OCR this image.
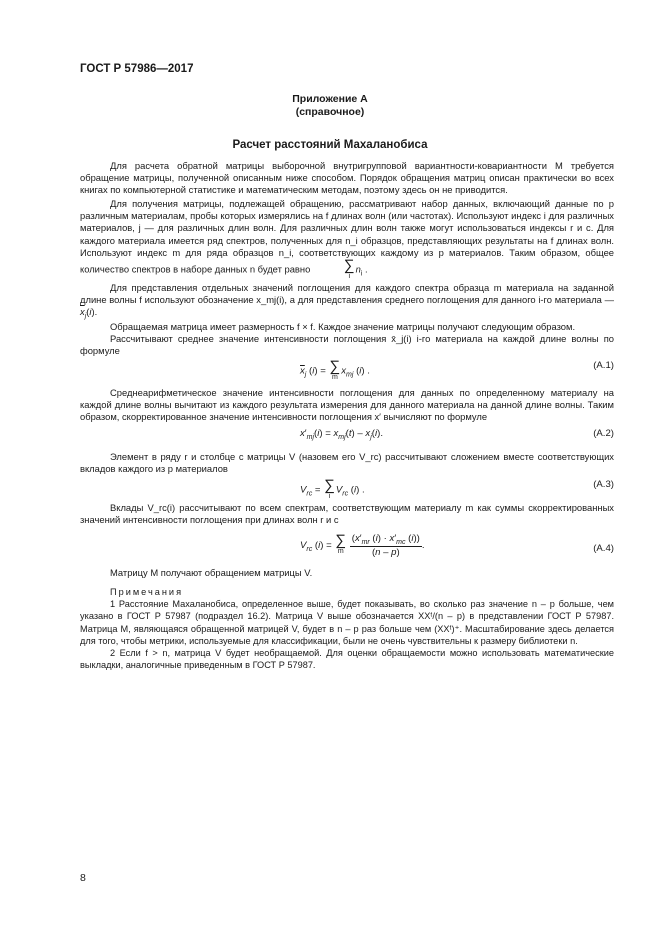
ГОСТ Р 57986—2017
Приложение А
(справочное)
Расчет расстояний Махаланобиса

Для расчета обратной матрицы выборочной внутригрупповой вариантности-ковариантности M требуется обращение матрицы, полученной описанным ниже способом. Порядок обращения матриц описан практически во всех книгах по компьютерной статистике и математическим методам, поэтому здесь он не приводится.

Для получения матрицы, подлежащей обращению, рассматривают набор данных, включающий данные по p различным материалам, пробы которых измерялись на f длинах волн (или частотах). Используют индекс i для различных материалов, j — для различных длин волн. Для различных длин волн также могут использоваться индексы r и c. Для каждого материала имеется ряд спектров, полученных для n_i образцов, представляющих результаты на f длинах волн. Используют индекс m для ряда образцов n_i, соответствующих каждому из p материалов. Таким образом, общее количество спектров в наборе данных n будет равно	∑
i
$n_i$ .

Для представления отдельных значений поглощения для каждого спектра образца m материала на заданной длине волны f используют обозначение x_mj(i), а для представления среднего поглощения для данного i-го материала — $\overline{x}_j(i)$.

Обращаемая матрица имеет размерность f × f. Каждое значение матрицы получают следующим образом.

Рассчитывают среднее значение интенсивности поглощения x̄_j(i) i-го материала на каждой длине волны по формуле

$\overline{x}_j$ (i) = ∑
m
$x_{mj}$ (i) .
(А.1)

Среднеарифметическое значение интенсивности поглощения для данных по определенному материалу на каждой длине волны вычитают из каждого результата измерения для данного материала на данной длине волны. Таким образом, скорректированное значение интенсивности поглощения x′ вычисляют по формуле

$x'_{mj}(i) = x_{mj}(t) - x_j(i)$.	(А.2)

Элемент в ряду r и столбце c матрицы V (назовем его V_rc) рассчитывают сложением вместе соответствующих вкладов каждого из p материалов

$V_{rc}$ = ∑
i
$V_{rc}$ (i) .
(А.3)

Вклады V_rc(i) рассчитывают по всем спектрам, соответствующим материалу m как суммы скорректированных значений интенсивности поглощения при длинах волн r и c

$V_{rc}$ (i) = ∑
m
$\frac{(x'_{mr} (i) \cdot x'_{mc} (i))}{(n - p)}$ .	(А.4)

Матрицу M получают обращением матрицы V.

Примечания

1 Расстояние Махаланобиса, определенное выше, будет показывать, во сколько раз значение n – p больше, чем указано в ГОСТ Р 57987 (подраздел 16.2). Матрица V выше обозначается XXᵗ/(n – p) в представлении ГОСТ Р 57987. Матрица M, являющаяся обращенной матрицей V, будет в n – p раз больше чем (XXᵗ)⁺. Масштабирование здесь делается для того, чтобы метрики, используемые для классификации, были не очень чувствительны к размеру библиотеки n.

2 Если f > n, матрица V будет необращаемой. Для оценки обращаемости можно использовать математические выкладки, аналогичные приведенным в ГОСТ Р 57987.

8
